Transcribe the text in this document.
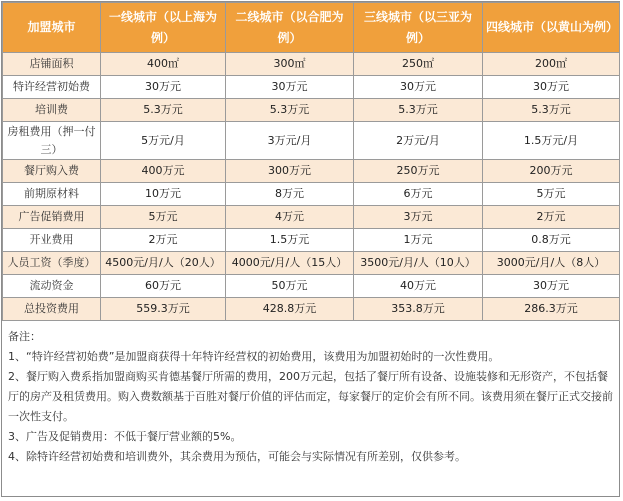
加盟城市	一线城市（以上海为例）	二线城市（以合肥为例）	三线城市（以三亚为例）	四线城市（以黄山为例）
店铺面积	400㎡	300㎡	250㎡	200㎡
特许经营初始费	30万元	30万元	30万元	30万元
培训费	5.3万元	5.3万元	5.3万元	5.3万元
房租费用（押一付三）	5万元/月	3万元/月	2万元/月	1.5万元/月
餐厅购入费	400万元	300万元	250万元	200万元
前期原材料	10万元	8万元	6万元	5万元
广告促销费用	5万元	4万元	3万元	2万元
开业费用	2万元	1.5万元	1万元	0.8万元
人员工资（季度）	4500元/月/人（20人）	4000元/月/人（15人）	3500元/月/人（10人）	3000元/月/人（8人）
流动资金	60万元	50万元	40万元	30万元
总投资费用	559.3万元	428.8万元	353.8万元	286.3万元

备注：

1、“特许经营初始费”是加盟商获得十年特许经营权的初始费用，该费用为加盟初始时的一次性费用。

2、餐厅购入费系指加盟商购买肯德基餐厅所需的费用，200万元起，包括了餐厅所有设备、设施装修和无形资产，不包括餐厅的房产及租赁费用。购入费数额基于百胜对餐厅价值的评估而定，每家餐厅的定价会有所不同。该费用须在餐厅正式交接前一次性支付。

3、广告及促销费用：不低于餐厅营业额的5%。

4、除特许经营初始费和培训费外，其余费用为预估，可能会与实际情况有所差别，仅供参考。
